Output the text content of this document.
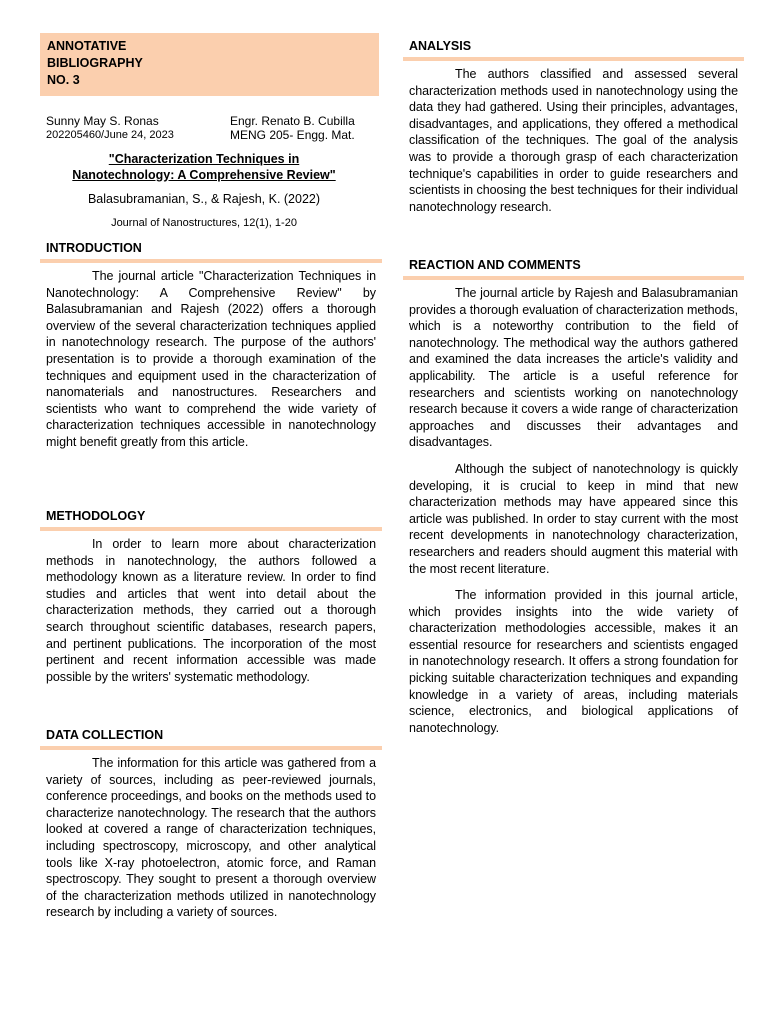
ANNOTATIVE
BIBLIOGRAPHY
NO. 3
Sunny May S. Ronas	Engr. Renato B. Cubilla
202205460/June 24, 2023	MENG 205- Engg. Mat.
"Characterization Techniques in
Nanotechnology: A Comprehensive Review"
Balasubramanian, S., & Rajesh, K. (2022)
Journal of Nanostructures, 12(1), 1-20
INTRODUCTION

The journal article "Characterization Techniques in Nanotechnology: A Comprehensive Review" by Balasubramanian and Rajesh (2022) offers a thorough overview of the several characterization techniques applied in nanotechnology research. The purpose of the authors' presentation is to provide a thorough examination of the techniques and equipment used in the characterization of nanomaterials and nanostructures. Researchers and scientists who want to comprehend the wide variety of characterization techniques accessible in nanotechnology might benefit greatly from this article.

METHODOLOGY

In order to learn more about characterization methods in nanotechnology, the authors followed a methodology known as a literature review. In order to find studies and articles that went into detail about the characterization methods, they carried out a thorough search throughout scientific databases, research papers, and pertinent publications. The incorporation of the most pertinent and recent information accessible was made possible by the writers' systematic methodology.

DATA COLLECTION

The information for this article was gathered from a variety of sources, including as peer-reviewed journals, conference proceedings, and books on the methods used to characterize nanotechnology. The research that the authors looked at covered a range of characterization techniques, including spectroscopy, microscopy, and other analytical tools like X-ray photoelectron, atomic force, and Raman spectroscopy. They sought to present a thorough overview of the characterization methods utilized in nanotechnology research by including a variety of sources.

ANALYSIS

The authors classified and assessed several characterization methods used in nanotechnology using the data they had gathered. Using their principles, advantages, disadvantages, and applications, they offered a methodical classification of the techniques. The goal of the analysis was to provide a thorough grasp of each characterization technique's capabilities in order to guide researchers and scientists in choosing the best techniques for their individual nanotechnology research.

REACTION AND COMMENTS

The journal article by Rajesh and Balasubramanian provides a thorough evaluation of characterization methods, which is a noteworthy contribution to the field of nanotechnology. The methodical way the authors gathered and examined the data increases the article's validity and applicability. The article is a useful reference for researchers and scientists working on nanotechnology research because it covers a wide range of characterization approaches and discusses their advantages and disadvantages.

Although the subject of nanotechnology is quickly developing, it is crucial to keep in mind that new characterization methods may have appeared since this article was published. In order to stay current with the most recent developments in nanotechnology characterization, researchers and readers should augment this material with the most recent literature.

The information provided in this journal article, which provides insights into the wide variety of characterization methodologies accessible, makes it an essential resource for researchers and scientists engaged in nanotechnology research. It offers a strong foundation for picking suitable characterization techniques and expanding knowledge in a variety of areas, including materials science, electronics, and biological applications of nanotechnology.
